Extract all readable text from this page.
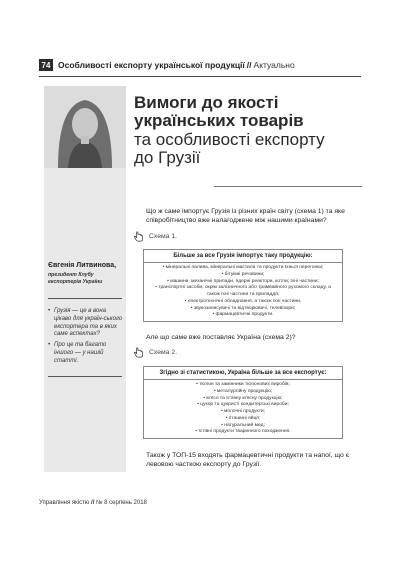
74 Особливості експорту української продукції // Актуально
Євгенія Литвинова,
президент Клубу експортерів України
• Грузія — це в вона цікаво для україн-ського експортера та в яких саме аспектах?
• Про це та багато іншого — у нашій статті.
Вимоги до якості
українських товарів
та особливості експорту
до Грузії
Що ж саме імпортує Грузія із різних країн світу (схема 1) та яке співробітництво вже налагоджене між нашими країнами?
Схема 1.
Більше за все Грузія імпортує таку продукцію:
• мінеральні палива, мінеральні мастила та продукти їхньої перегонки;
• бітумні речовини;
• машини, механічні прилади, ядерні реактори, котли; їхні частини;
• транспортні засоби, окрім залізничного або трамвайного рухомого складу, а також їхні частини та приладдя;
• електротехнічні обладнання, а також їхні частини,
• звукозаписувачі та відтворювачі, телевізори;
• фармацевтичні продукти.
Але що саме вже поставляє Україна (схема 2)?
Схема 2.
Згідно зі статистикою, Україна більше за все експортує:
• тютюн та замінники тютюнових виробів;
• металургійну продукцію;
• м'ясо та їстівну м'ясну продукцію;
• цукор та цукристі кондитерські вироби;
• молочні продукти;
• пташині яйця;
• натуральний мед;
• їстівні продукти тваринного походження.
Також у ТОП-15 входять фармацевтичні продукти та напої, що є левовою часткою експорту до Грузії.
Управління якістю // № 8 серпень 2018
